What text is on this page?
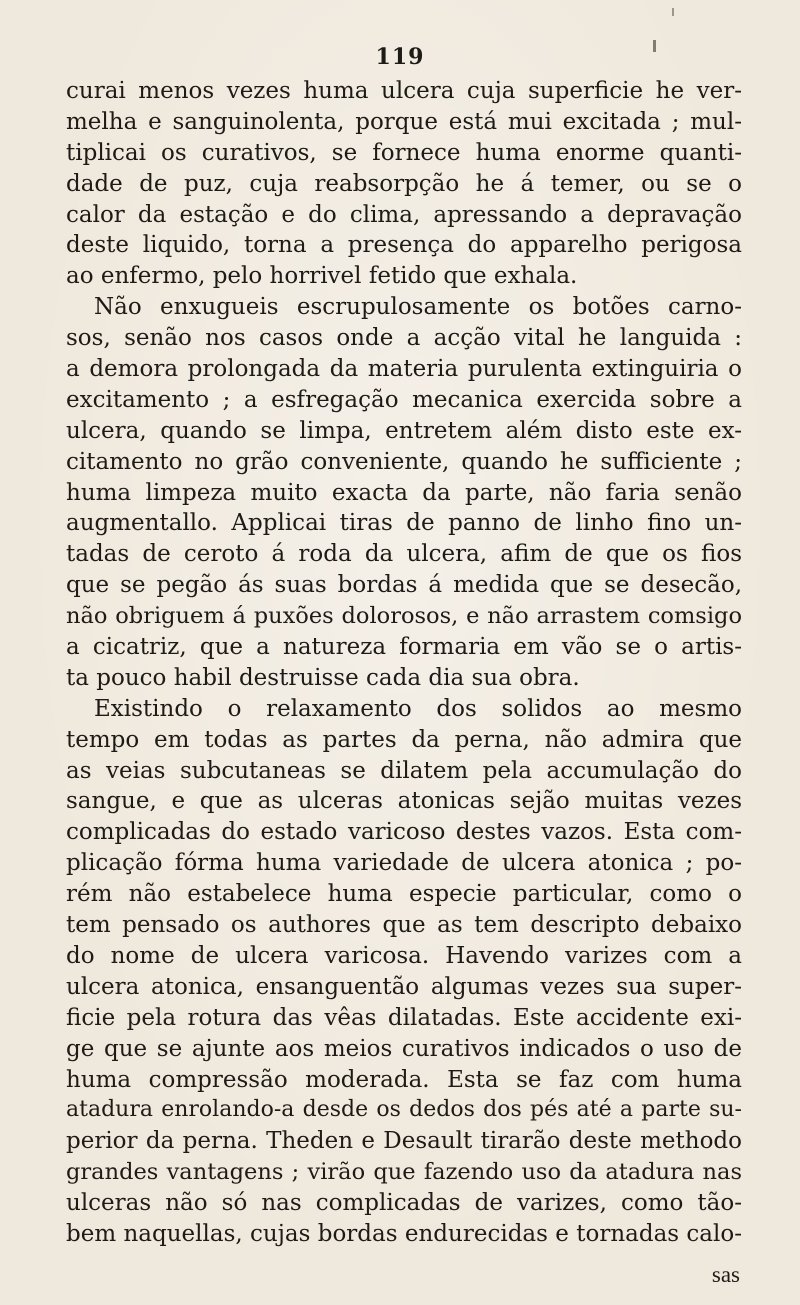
119
curai menos vezes huma ulcera cuja superficie he ver-
melha e sanguinolenta, porque está mui excitada ; mul-
tiplicai os curativos, se fornece huma enorme quanti-
dade de puz, cuja reabsorpção he á temer, ou se o
calor da estação e do clima, apressando a depravação
deste liquido, torna a presença do apparelho perigosa
ao enfermo, pelo horrivel fetido que exhala.
Não enxugueis escrupulosamente os botões carno-
sos, senão nos casos onde a acção vital he languida :
a demora prolongada da materia purulenta extinguiria o
excitamento ; a esfregação mecanica exercida sobre a
ulcera, quando se limpa, entretem além disto este ex-
citamento no grão conveniente, quando he sufficiente ;
huma limpeza muito exacta da parte, não faria senão
augmentallo. Applicai tiras de panno de linho fino un-
tadas de ceroto á roda da ulcera, afim de que os fios
que se pegão ás suas bordas á medida que se desecão,
não obriguem á puxões dolorosos, e não arrastem comsigo
a cicatriz, que a natureza formaria em vão se o artis-
ta pouco habil destruisse cada dia sua obra.
Existindo o relaxamento dos solidos ao mesmo
tempo em todas as partes da perna, não admira que
as veias subcutaneas se dilatem pela accumulação do
sangue, e que as ulceras atonicas sejão muitas vezes
complicadas do estado varicoso destes vazos. Esta com-
plicação fórma huma variedade de ulcera atonica ; po-
rém não estabelece huma especie particular, como o
tem pensado os authores que as tem descripto debaixo
do nome de ulcera varicosa. Havendo varizes com a
ulcera atonica, ensanguentão algumas vezes sua super-
ficie pela rotura das vêas dilatadas. Este accidente exi-
ge que se ajunte aos meios curativos indicados o uso de
huma compressão moderada. Esta se faz com huma
atadura enrolando-a desde os dedos dos pés até a parte su-
perior da perna. Theden e Desault tirarão deste methodo
grandes vantagens ; virão que fazendo uso da atadura nas
ulceras não só nas complicadas de varizes, como tão-
bem naquellas, cujas bordas endurecidas e tornadas calo-
sas
